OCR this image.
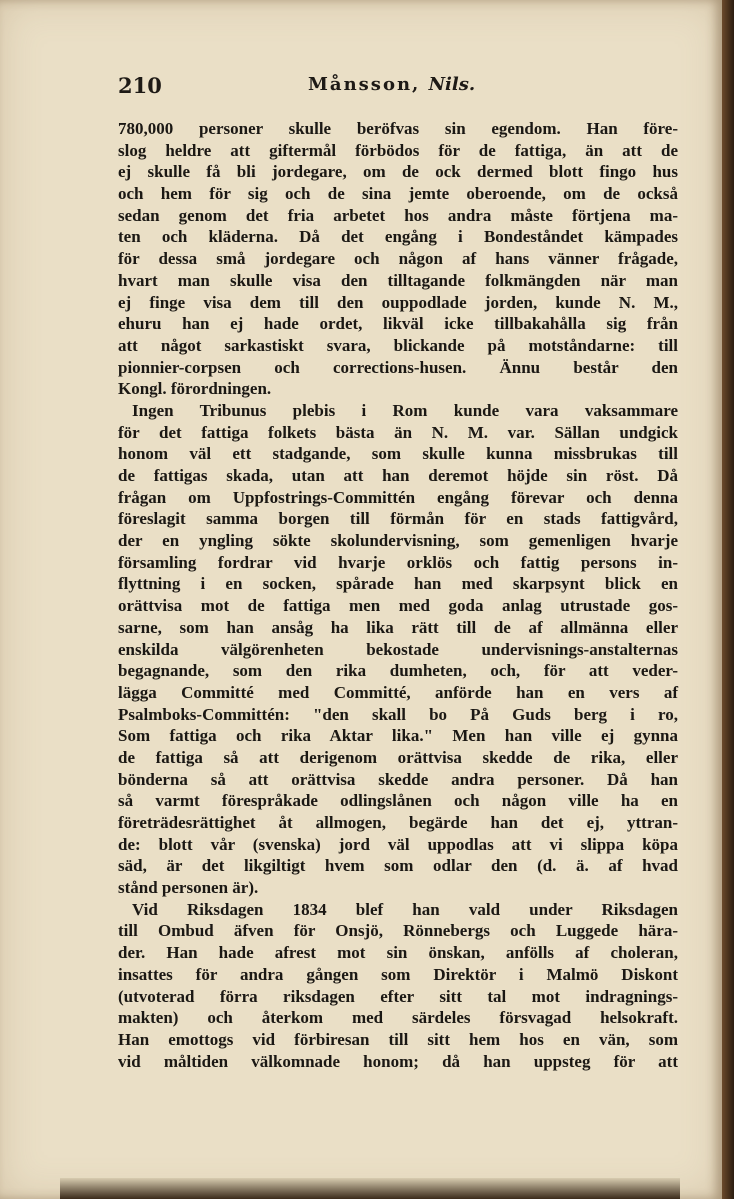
210	Månsson, Nils.
780,000 personer skulle beröfvas sin egendom. Han före-
slog heldre att giftermål förbödos för de fattiga, än att de
ej skulle få bli jordegare, om de ock dermed blott fingo hus
och hem för sig och de sina jemte oberoende, om de också
sedan genom det fria arbetet hos andra måste förtjena ma-
ten och kläderna. Då det engång i Bondeståndet kämpades
för dessa små jordegare och någon af hans vänner frågade,
hvart man skulle visa den tilltagande folkmängden när man
ej finge visa dem till den ouppodlade jorden, kunde N. M.,
ehuru han ej hade ordet, likväl icke tillbakahålla sig från
att något sarkastiskt svara, blickande på motståndarne: till
pionnier-corpsen och corrections-husen. Ännu består den
Kongl. förordningen.
Ingen Tribunus plebis i Rom kunde vara vaksammare
för det fattiga folkets bästa än N. M. var. Sällan undgick
honom väl ett stadgande, som skulle kunna missbrukas till
de fattigas skada, utan att han deremot höjde sin röst. Då
frågan om Uppfostrings-Committén engång förevar och denna
föreslagit samma borgen till förmån för en stads fattigvård,
der en yngling sökte skolundervisning, som gemenligen hvarje
församling fordrar vid hvarje orklös och fattig persons in-
flyttning i en socken, spårade han med skarpsynt blick en
orättvisa mot de fattiga men med goda anlag utrustade gos-
sarne, som han ansåg ha lika rätt till de af allmänna eller
enskilda välgörenheten bekostade undervisnings-anstalternas
begagnande, som den rika dumheten, och, för att veder-
lägga Committé med Committé, anförde han en vers af
Psalmboks-Committén: "den skall bo På Guds berg i ro,
Som fattiga och rika Aktar lika." Men han ville ej gynna
de fattiga så att derigenom orättvisa skedde de rika, eller
bönderna så att orättvisa skedde andra personer. Då han
så varmt förespråkade odlingslånen och någon ville ha en
företrädesrättighet åt allmogen, begärde han det ej, yttran-
de: blott vår (svenska) jord väl uppodlas att vi slippa köpa
säd, är det likgiltigt hvem som odlar den (d. ä. af hvad
stånd personen är).
Vid Riksdagen 1834 blef han vald under Riksdagen
till Ombud äfven för Onsjö, Rönnebergs och Luggede hära-
der. Han hade afrest mot sin önskan, anfölls af choleran,
insattes för andra gången som Direktör i Malmö Diskont
(utvoterad förra riksdagen efter sitt tal mot indragnings-
makten) och återkom med särdeles försvagad helsokraft.
Han emottogs vid förbiresan till sitt hem hos en vän, som
vid måltiden välkomnade honom; då han uppsteg för att
